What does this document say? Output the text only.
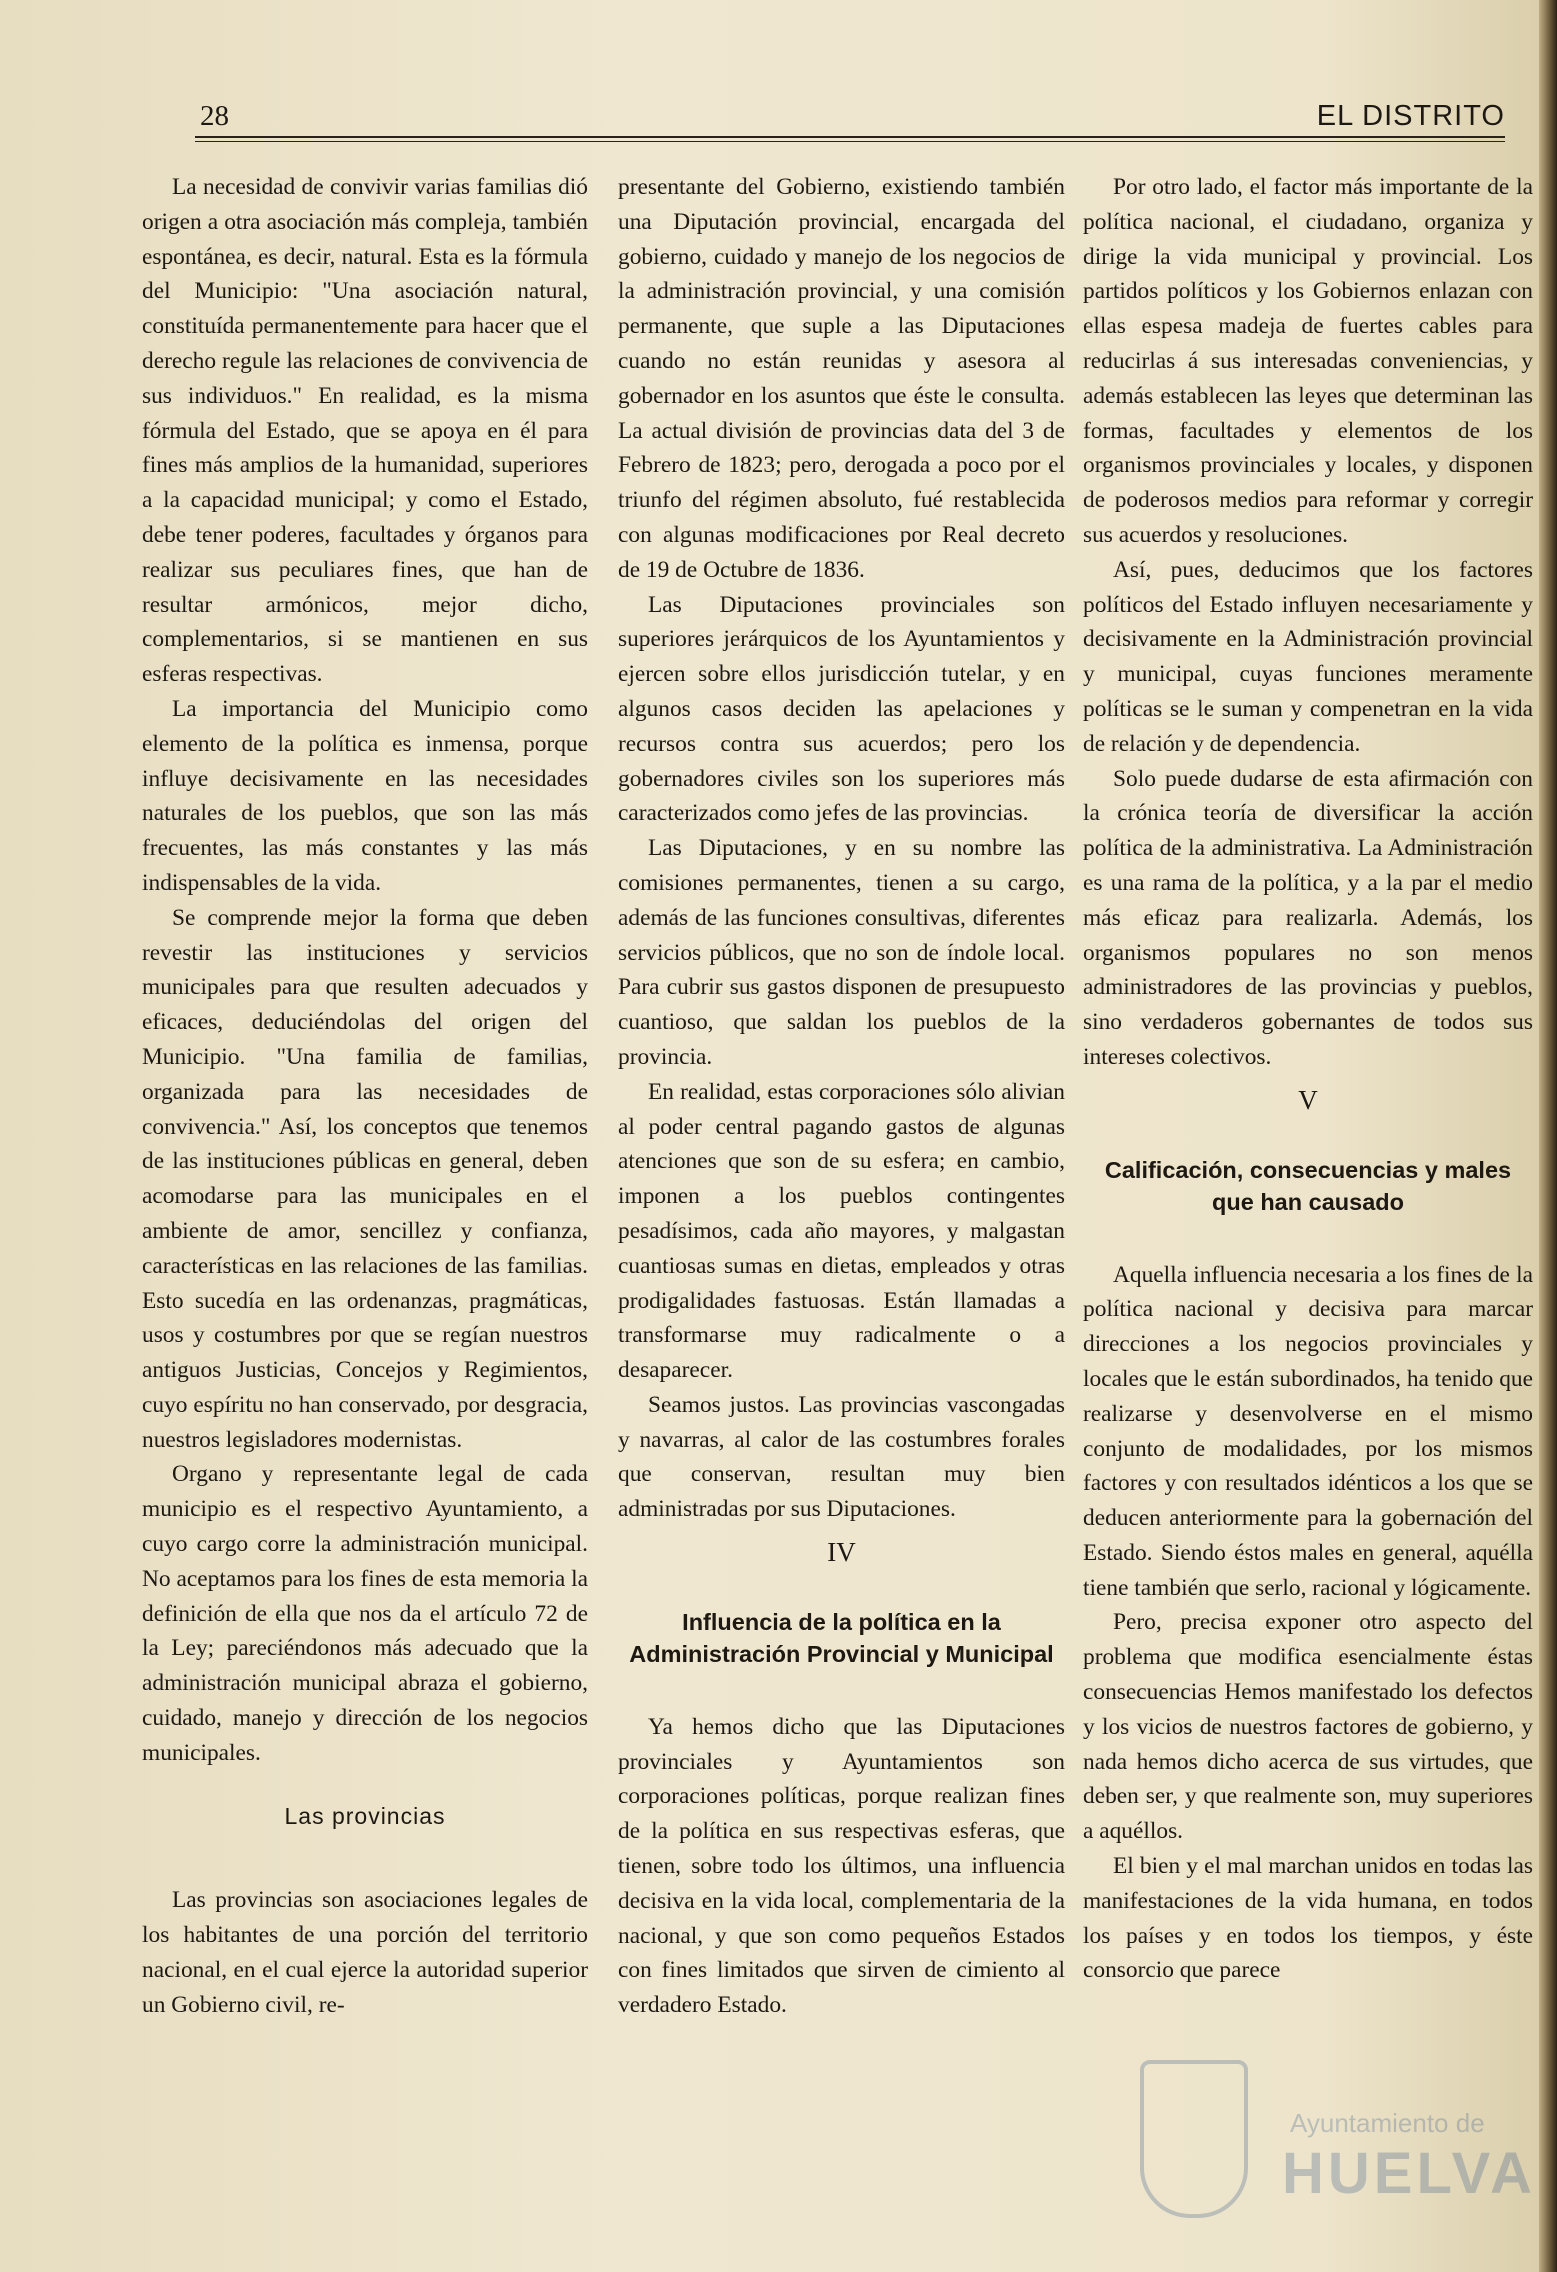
28	EL DISTRITO

La necesidad de convivir varias familias dió origen a otra asociación más compleja, también espontánea, es decir, natural. Esta es la fórmula del Municipio: "Una asociación natural, constituída permanentemente para hacer que el derecho regule las relaciones de convivencia de sus individuos." En realidad, es la misma fórmula del Estado, que se apoya en él para fines más amplios de la humanidad, superiores a la capacidad municipal; y como el Estado, debe tener poderes, facultades y órganos para realizar sus peculiares fines, que han de resultar armónicos, mejor dicho, complementarios, si se mantienen en sus esferas respectivas.

La importancia del Municipio como elemento de la política es inmensa, porque influye decisivamente en las necesidades naturales de los pueblos, que son las más frecuentes, las más constantes y las más indispensables de la vida.

Se comprende mejor la forma que deben revestir las instituciones y servicios municipales para que resulten adecuados y eficaces, deduciéndolas del origen del Municipio. "Una familia de familias, organizada para las necesidades de convivencia." Así, los conceptos que tenemos de las instituciones públicas en general, deben acomodarse para las municipales en el ambiente de amor, sencillez y confianza, características en las relaciones de las familias. Esto sucedía en las ordenanzas, pragmáticas, usos y costumbres por que se regían nuestros antiguos Justicias, Concejos y Regimientos, cuyo espíritu no han conservado, por desgracia, nuestros legisladores modernistas.

Organo y representante legal de cada municipio es el respectivo Ayuntamiento, a cuyo cargo corre la administración municipal. No aceptamos para los fines de esta memoria la definición de ella que nos da el artículo 72 de la Ley; pareciéndonos más adecuado que la administración municipal abraza el gobierno, cuidado, manejo y dirección de los negocios municipales.

Las provincias

Las provincias son asociaciones legales de los habitantes de una porción del territorio nacional, en el cual ejerce la autoridad superior un Gobierno civil, re-

presentante del Gobierno, existiendo también una Diputación provincial, encargada del gobierno, cuidado y manejo de los negocios de la administración provincial, y una comisión permanente, que suple a las Diputaciones cuando no están reunidas y asesora al gobernador en los asuntos que éste le consulta. La actual división de provincias data del 3 de Febrero de 1823; pero, derogada a poco por el triunfo del régimen absoluto, fué restablecida con algunas modificaciones por Real decreto de 19 de Octubre de 1836.

Las Diputaciones provinciales son superiores jerárquicos de los Ayuntamientos y ejercen sobre ellos jurisdicción tutelar, y en algunos casos deciden las apelaciones y recursos contra sus acuerdos; pero los gobernadores civiles son los superiores más caracterizados como jefes de las provincias.

Las Diputaciones, y en su nombre las comisiones permanentes, tienen a su cargo, además de las funciones consultivas, diferentes servicios públicos, que no son de índole local. Para cubrir sus gastos disponen de presupuesto cuantioso, que saldan los pueblos de la provincia.

En realidad, estas corporaciones sólo alivian al poder central pagando gastos de algunas atenciones que son de su esfera; en cambio, imponen a los pueblos contingentes pesadísimos, cada año mayores, y malgastan cuantiosas sumas en dietas, empleados y otras prodigalidades fastuosas. Están llamadas a transformarse muy radicalmente o a desaparecer.

Seamos justos. Las provincias vascongadas y navarras, al calor de las costumbres forales que conservan, resultan muy bien administradas por sus Diputaciones.

IV
Influencia de la política en la Administración Provincial y Municipal

Ya hemos dicho que las Diputaciones provinciales y Ayuntamientos son corporaciones políticas, porque realizan fines de la política en sus respectivas esferas, que tienen, sobre todo los últimos, una influencia decisiva en la vida local, complementaria de la nacional, y que son como pequeños Estados con fines limitados que sirven de cimiento al verdadero Estado.

Por otro lado, el factor más importante de la política nacional, el ciudadano, organiza y dirige la vida municipal y provincial. Los partidos políticos y los Gobiernos enlazan con ellas espesa madeja de fuertes cables para reducirlas á sus interesadas conveniencias, y además establecen las leyes que determinan las formas, facultades y elementos de los organismos provinciales y locales, y disponen de poderosos medios para reformar y corregir sus acuerdos y resoluciones.

Así, pues, deducimos que los factores políticos del Estado influyen necesariamente y decisivamente en la Administración provincial y municipal, cuyas funciones meramente políticas se le suman y compenetran en la vida de relación y de dependencia.

Solo puede dudarse de esta afirmación con la crónica teoría de diversificar la acción política de la administrativa. La Administración es una rama de la política, y a la par el medio más eficaz para realizarla. Además, los organismos populares no son menos administradores de las provincias y pueblos, sino verdaderos gobernantes de todos sus intereses colectivos.

V
Calificación, consecuencias y males que han causado

Aquella influencia necesaria a los fines de la política nacional y decisiva para marcar direcciones a los negocios provinciales y locales que le están subordinados, ha tenido que realizarse y desenvolverse en el mismo conjunto de modalidades, por los mismos factores y con resultados idénticos a los que se deducen anteriormente para la gobernación del Estado. Siendo éstos males en general, aquélla tiene también que serlo, racional y lógicamente.

Pero, precisa exponer otro aspecto del problema que modifica esencialmente éstas consecuencias Hemos manifestado los defectos y los vicios de nuestros factores de gobierno, y nada hemos dicho acerca de sus virtudes, que deben ser, y que realmente son, muy superiores a aquéllos.

El bien y el mal marchan unidos en todas las manifestaciones de la vida humana, en todos los países y en todos los tiempos, y éste consorcio que parece

Ayuntamiento de
HUELVA
